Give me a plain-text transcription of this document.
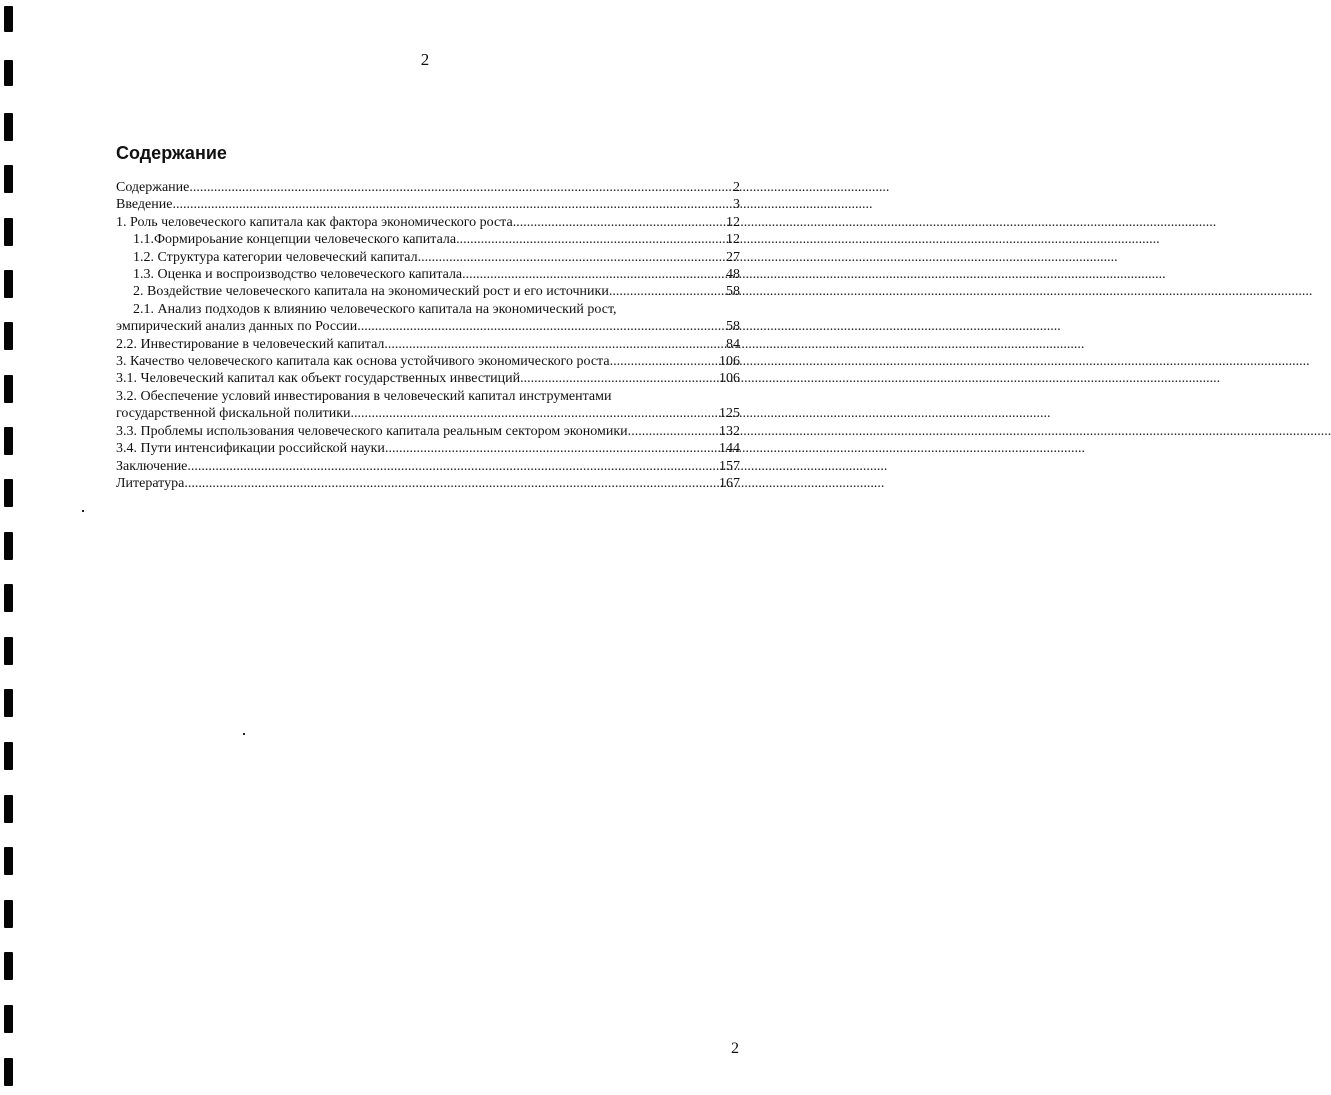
2
Содержание
Содержание .....	2
Введение .....	3
1. Роль человеческого капитала как фактора экономического роста. .....	12
1.1.Формироьание концепции человеческого капитала. .....	12
1.2. Структура категории человеческий капитал .....	27
1.3. Оценка и воспроизводство человеческого капитала. .....	48
2. Воздействие человеческого капитала на экономический рост и его источники. .....	58
2.1. Анализ подходов к влиянию человеческого капитала на экономический рост,
эмпирический анализ данных по России. .....	58
2.2. Инвестирование в человеческий капитал .....	84
3. Качество человеческого капитала как основа устойчивого экономического роста .....	106
3.1. Человеческий капитал как объект государственных инвестиций .....	106
3.2. Обеспечение условий инвестирования в человеческий капитал инструментами
государственной фискальной политики .....	125
3.3. Проблемы использования человеческого капитала реальным сектором экономики. .....	132
3.4. Пути интенсификации российской науки .....	144
Заключение .....	157
Литература .....	167
2
